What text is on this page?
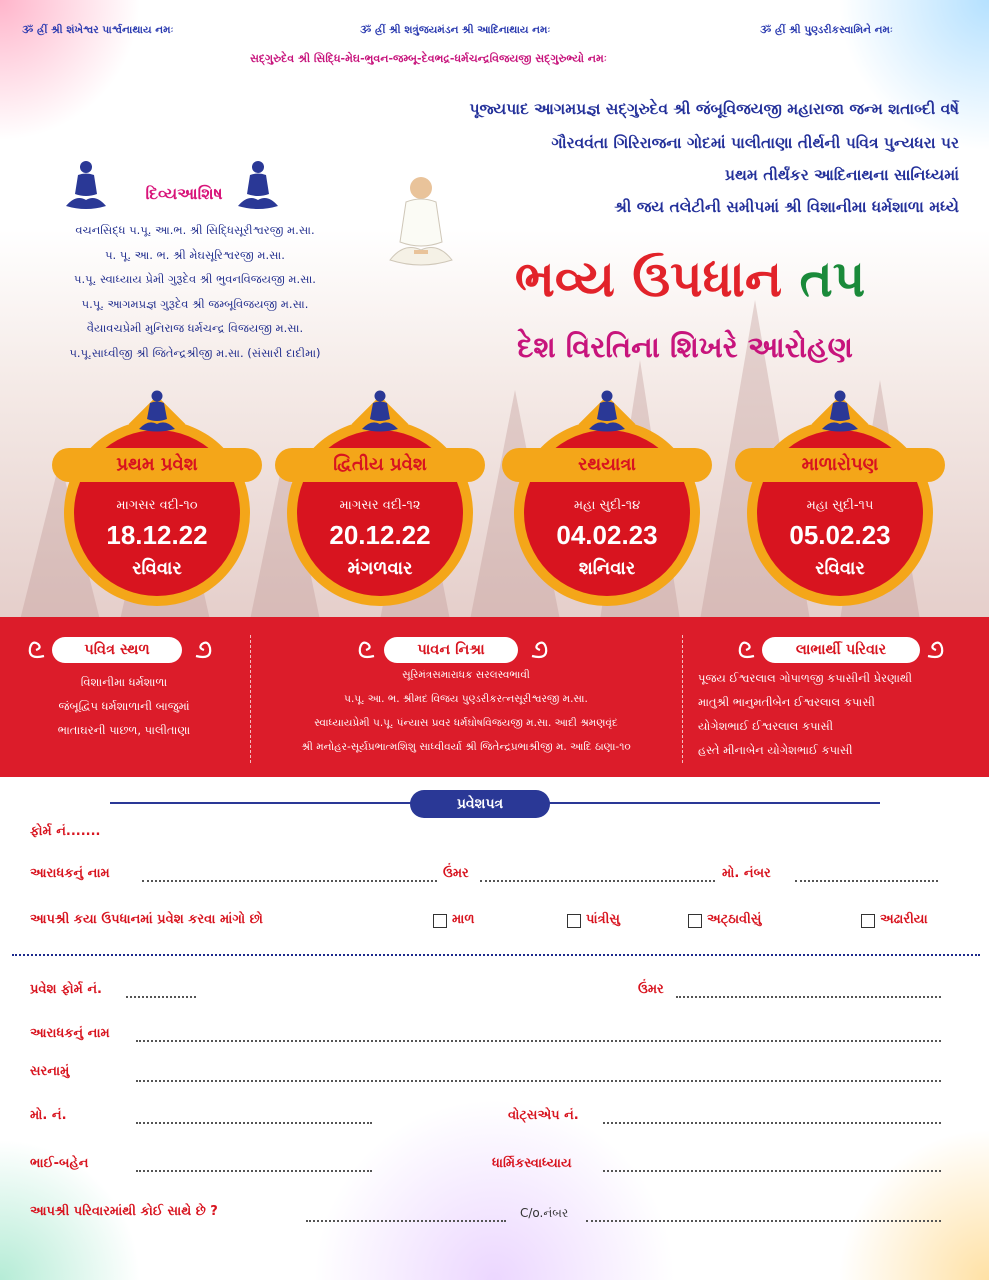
ૐ હ્રીં શ્રી શંખેશ્વર પાર્શ્વનાથાય નમઃ	ૐ હ્રીં શ્રી શત્રુંજયમંડન શ્રી આદિનાથાય નમઃ	ૐ હ્રીં શ્રી પુણ્ડરીકસ્વામિને નમઃ
સદ્ગુરુદેવ શ્રી સિદ્ધિ-મેઘ-ભુવન-જમ્બૂ-દેવભદ્ર-ધર્મચન્દ્રવિજયજી સદ્ગુરુભ્યો નમઃ
પૂજ્યપાદ આગમપ્રજ્ઞ સદ્ગુરુદેવ શ્રી જંબૂવિજયજી મહારાજા જન્મ શતાબ્દી વર્ષે
ગૌરવવંતા ગિરિરાજના ગોદમાં પાલીતાણા તીર્થની પવિત્ર પુન્યધરા પર
પ્રથમ તીર્થંકર આદિનાથના સાનિધ્યમાં
શ્રી જય તલેટીની સમીપમાં શ્રી વિશાનીમા ધર્મશાળા મધ્યે
દિવ્યઆશિષ
વચનસિદ્ધ પ.પૂ. આ.ભ. શ્રી સિદ્ધિસૂરીશ્વરજી મ.સા.
પ. પૂ. આ. ભ. શ્રી મેઘસૂરિશ્વરજી મ.સા.
પ.પૂ. સ્વાધ્યાય પ્રેમી ગુરૂદેવ શ્રી ભુવનવિજયજી મ.સા.
પ.પૂ. આગમપ્રજ્ઞ ગુરૂદેવ શ્રી જમ્બૂવિજયજી મ.સા.
વૈયાવચપ્રેમી મુનિરાજ ધર્મચન્દ્ર વિજયજી મ.સા.
પ.પૂ.સાધ્વીજી શ્રી જિતેન્દ્રશ્રીજી મ.સા. (સંસારી દાદીમા)
ભવ્ય ઉપધાન તપ
દેશ વિરતિના શિખરે આરોહણ
પ્રથમ પ્રવેશ
માગસર વદી-૧૦
18.12.22
રવિવાર
દ્વિતીય પ્રવેશ
માગસર વદી-૧૨
20.12.22
મંગળવાર
રથયાત્રા
મહા સુદી-૧૪
04.02.23
શનિવાર
માળારોપણ
મહા સુદી-૧૫
05.02.23
રવિવાર
પવિત્ર સ્થળ
વિશાનીમા ધર્મશાળા
જંબૂદ્વિપ ધર્મશાળાની બાજુમાં
ભાતાઘરની પાછળ, પાલીતાણા
પાવન નિશ્રા
સૂરિમંત્રસમારાધક સરલસ્વભાવી
પ.પૂ. આ. ભ. શ્રીમદ વિજય પુણ્ડરીકરત્નસૂરીશ્વરજી મ.સા.
સ્વાધ્યાયપ્રેમી પ.પૂ. પંન્યાસ પ્રવર ધર્મઘોષવિજયજી મ.સા. આદી શ્રમણવૃંદ
શ્રી મનોહર-સૂર્યપ્રભાત્મશિશુ સાધ્વીવર્યા શ્રી જિતેન્દ્રપ્રભાશ્રીજી મ. આદિ ઠાણા-૧૦
લાભાર્થી પરિવાર
પૂજય ઈશ્વરલાલ ગોપાળજી કપાસીની પ્રેરણાથી
માતુશ્રી ભાનુમતીબેન ઈશ્વરલાલ કપાસી
યોગેશભાઈ ઈશ્વરલાલ કપાસી
હસ્તે મીનાબેન યોગેશભાઈ કપાસી
પ્રવેશપત્ર
ફોર્મ નં.......
આરાધકનું નામ	ઉંમર	મો. નંબર
આપશ્રી કયા ઉપધાનમાં પ્રવેશ કરવા માંગો છો	માળ	પાંત્રીસુ	અટ્ઠાવીસું	અઢારીયા
પ્રવેશ ફોર્મ નં.	ઉંમર
આરાધકનું નામ
સરનામું
મો. નં.	વોટ્સએપ નં.
ભાઈ-બહેન	ધાર્મિકસ્વાધ્યાય
આપશ્રી પરિવારમાંથી કોઈ સાથે છે ?	C/o.નંબર
